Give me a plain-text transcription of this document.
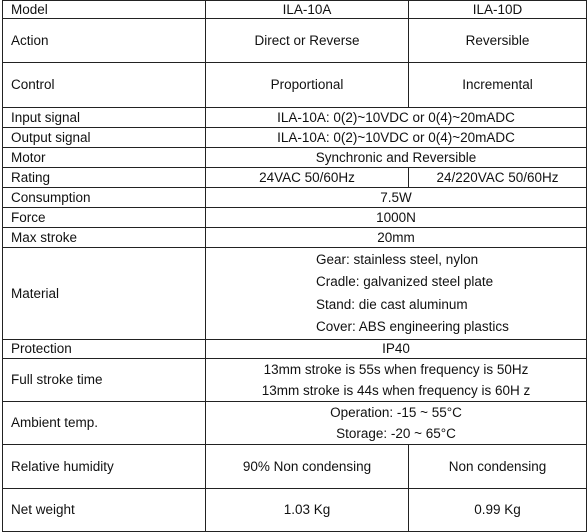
Model	ILA-10A	ILA-10D
Action	Direct or Reverse	Reversible
Control	Proportional	Incremental
Input signal	ILA-10A: 0(2)~10VDC or 0(4)~20mADC	
Output signal	ILA-10A: 0(2)~10VDC or 0(4)~20mADC	
Motor	Synchronic and Reversible	
Rating	24VAC 50/60Hz	24/220VAC 50/60Hz
Consumption	7.5W	
Force	1000N	
Max stroke	20mm	
Material	Gear: stainless steel, nylon
Cradle: galvanized steel plate
Stand: die cast aluminum
Cover: ABS engineering plastics	

Protection	IP40	
Full stroke time	13mm stroke is 55s when frequency is 50Hz
13mm stroke is 44s when frequency is 60H z	

Ambient temp.	Operation: -15 ~ 55°C
Storage: -20 ~ 65°C	

Relative humidity	90% Non condensing	Non condensing
Net weight	1.03 Kg	0.99 Kg
